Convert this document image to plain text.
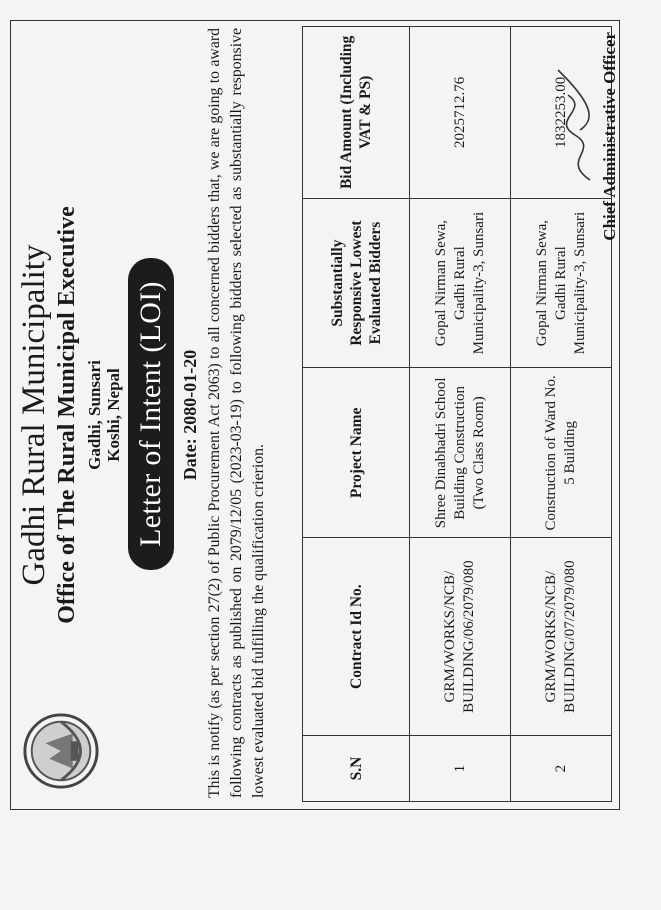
Gadhi Rural Municipality Office of The Rural Municipal Executive Gadhi, Sunsari Koshi, Nepal Letter of Intent (LOI) Date: 2080-01-20 This is notify (as per section 27(2) of Public Procurement Act 2063) to all concerned bidders that, we are going to award following contracts as published on 2079/12/05 (2023-03-19) to following bidders selected as substantially responsive lowest evaluated bid fulfilling the qualification crierion.	S.N	Contract Id No.	Project Name	Substantially Responsive Lowest Evaluated Bidders	Bid Amount (Including VAT & PS)
1	GRM/WORKS/NCB/ BUILDING/06/2079/080	Shree Dinabhadri School Building Construction (Two Class Room)	Gopal Nirman Sewa, Gadhi Rural Municipality-3, Sunsari	2025712.76
2	GRM/WORKS/NCB/ BUILDING/07/2079/080	Construction of Ward No. 5 Building	Gopal Nirman Sewa, Gadhi Rural Municipality-3, Sunsari	1832253.00 Chief Administrative Officer
